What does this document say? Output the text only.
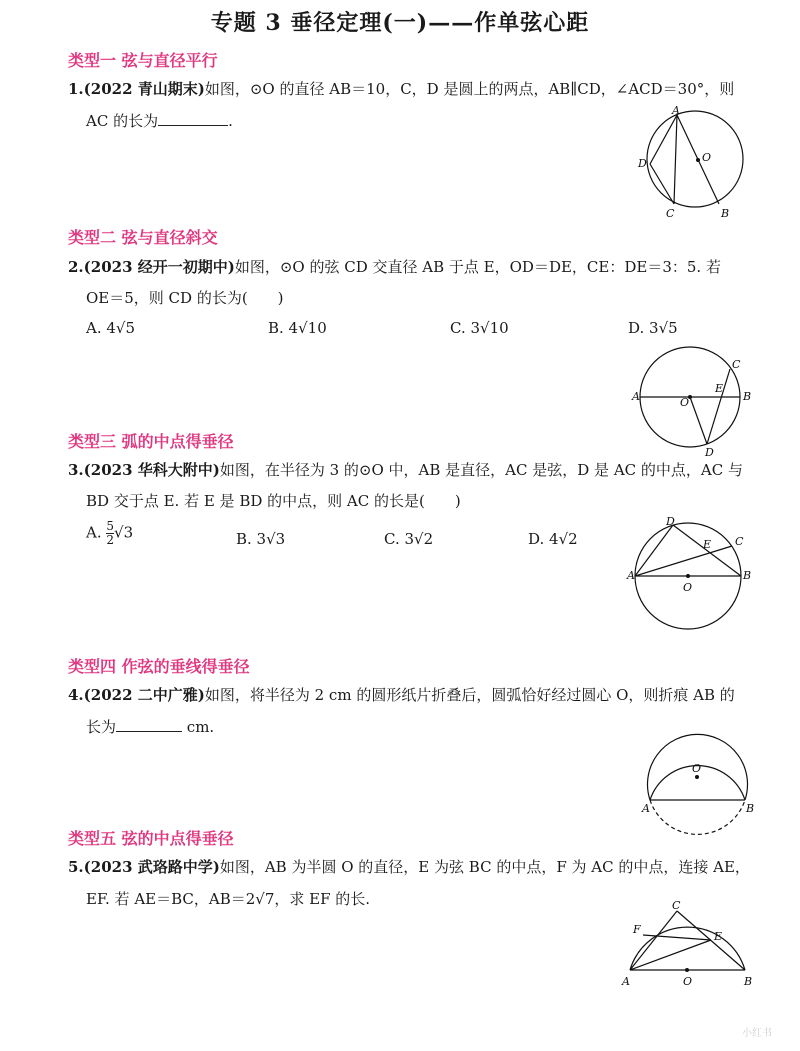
专题 3 垂径定理(一)——作单弦心距
类型一 弦与直径平行
1.(2022 青山期末)如图，⊙O 的直径 AB＝10，C，D 是圆上的两点，AB∥CD，∠ACD＝30°，则
AC 的长为	.
A
O
D
C	B
类型二 弦与直径斜交
2.(2023 经开一初期中)如图，⊙O 的弦 CD 交直径 AB 于点 E，OD＝DE，CE：DE＝3：5. 若
OE＝5，则 CD 的长为(　　)
A. 4√5	B. 4√10	C. 3√10	D. 3√5
A	B
O
E
C
D
类型三 弧的中点得垂径
3.(2023 华科大附中)如图，在半径为 3 的⊙O 中，AB 是直径，AC 是弦，D 是 AC 的中点，AC 与
BD 交于点 E. 若 E 是 BD 的中点，则 AC 的长是(　　)
A. $\frac{5}{2} √3$	B. 3√3	C. 3√2	D. 4√2
D
C
E
A	B
O
类型四 作弦的垂线得垂径
4.(2022 二中广雅)如图，将半径为 2 cm 的圆形纸片折叠后，圆弧恰好经过圆心 O，则折痕 AB 的
长为	cm.
O
A	B
类型五 弦的中点得垂径
5.(2023 武珞路中学)如图，AB 为半圆 O 的直径，E 为弦 BC 的中点，F 为 AC 的中点，连接 AE，
EF. 若 AE＝BC，AB＝2√7，求 EF 的长.	C
F
E
A	O	B
小红书
